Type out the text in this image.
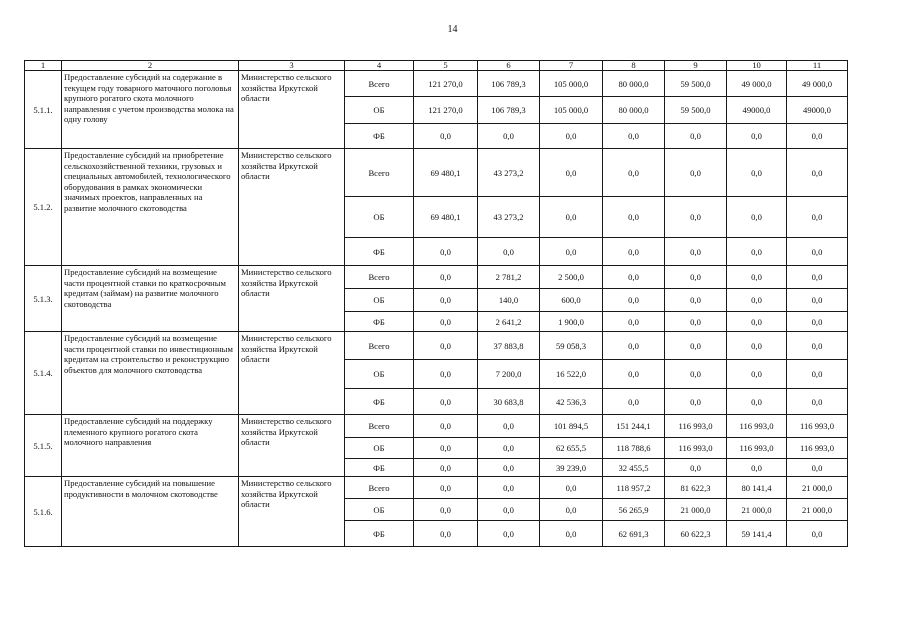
14
1	2	3	4	5	6	7	8	9	10	11
5.1.1.	Предоставление субсидий на содержание в текущем году товарного маточного поголовья крупного рогатого скота молочного направления с учетом производства молока на одну голову	Министерство сельского хозяйства Иркутской области	Всего	121 270,0	106 789,3	105 000,0	80 000,0	59 500,0	49 000,0	49 000,0
			ОБ	121 270,0	106 789,3	105 000,0	80 000,0	59 500,0	49000,0	49000,0
			ФБ	0,0	0,0	0,0	0,0	0,0	0,0	0,0
5.1.2.	Предоставление субсидий на приобретение сельскохозяйственной техники, грузовых и специальных автомобилей, технологического оборудования в рамках экономически значимых проектов, направленных на развитие молочного скотоводства	Министерство сельского хозяйства Иркутской области	Всего	69 480,1	43 273,2	0,0	0,0	0,0	0,0	0,0
			ОБ	69 480,1	43 273,2	0,0	0,0	0,0	0,0	0,0
			ФБ	0,0	0,0	0,0	0,0	0,0	0,0	0,0
5.1.3.	Предоставление субсидий на возмещение части процентной ставки по краткосрочным кредитам (займам) на развитие молочного скотоводства	Министерство сельского хозяйства Иркутской области	Всего	0,0	2 781,2	2 500,0	0,0	0,0	0,0	0,0
			ОБ	0,0	140,0	600,0	0,0	0,0	0,0	0,0
			ФБ	0,0	2 641,2	1 900,0	0,0	0,0	0,0	0,0
5.1.4.	Предоставление субсидий на возмещение части процентной ставки по инвестиционным кредитам на строительство и реконструкцию объектов для молочного скотоводства	Министерство сельского хозяйства Иркутской области	Всего	0,0	37 883,8	59 058,3	0,0	0,0	0,0	0,0
			ОБ	0,0	7 200,0	16 522,0	0,0	0,0	0,0	0,0
			ФБ	0,0	30 683,8	42 536,3	0,0	0,0	0,0	0,0
5.1.5.	Предоставление субсидий на поддержку племенного крупного рогатого скота молочного направления	Министерство сельского хозяйства Иркутской области	Всего	0,0	0,0	101 894,5	151 244,1	116 993,0	116 993,0	116 993,0
			ОБ	0,0	0,0	62 655,5	118 788,6	116 993,0	116 993,0	116 993,0
			ФБ	0,0	0,0	39 239,0	32 455,5	0,0	0,0	0,0
5.1.6.	Предоставление субсидий на повышение продуктивности в молочном скотоводстве	Министерство сельского хозяйства Иркутской области	Всего	0,0	0,0	0,0	118 957,2	81 622,3	80 141,4	21 000,0
			ОБ	0,0	0,0	0,0	56 265,9	21 000,0	21 000,0	21 000,0
			ФБ	0,0	0,0	0,0	62 691,3	60 622,3	59 141,4	0,0
